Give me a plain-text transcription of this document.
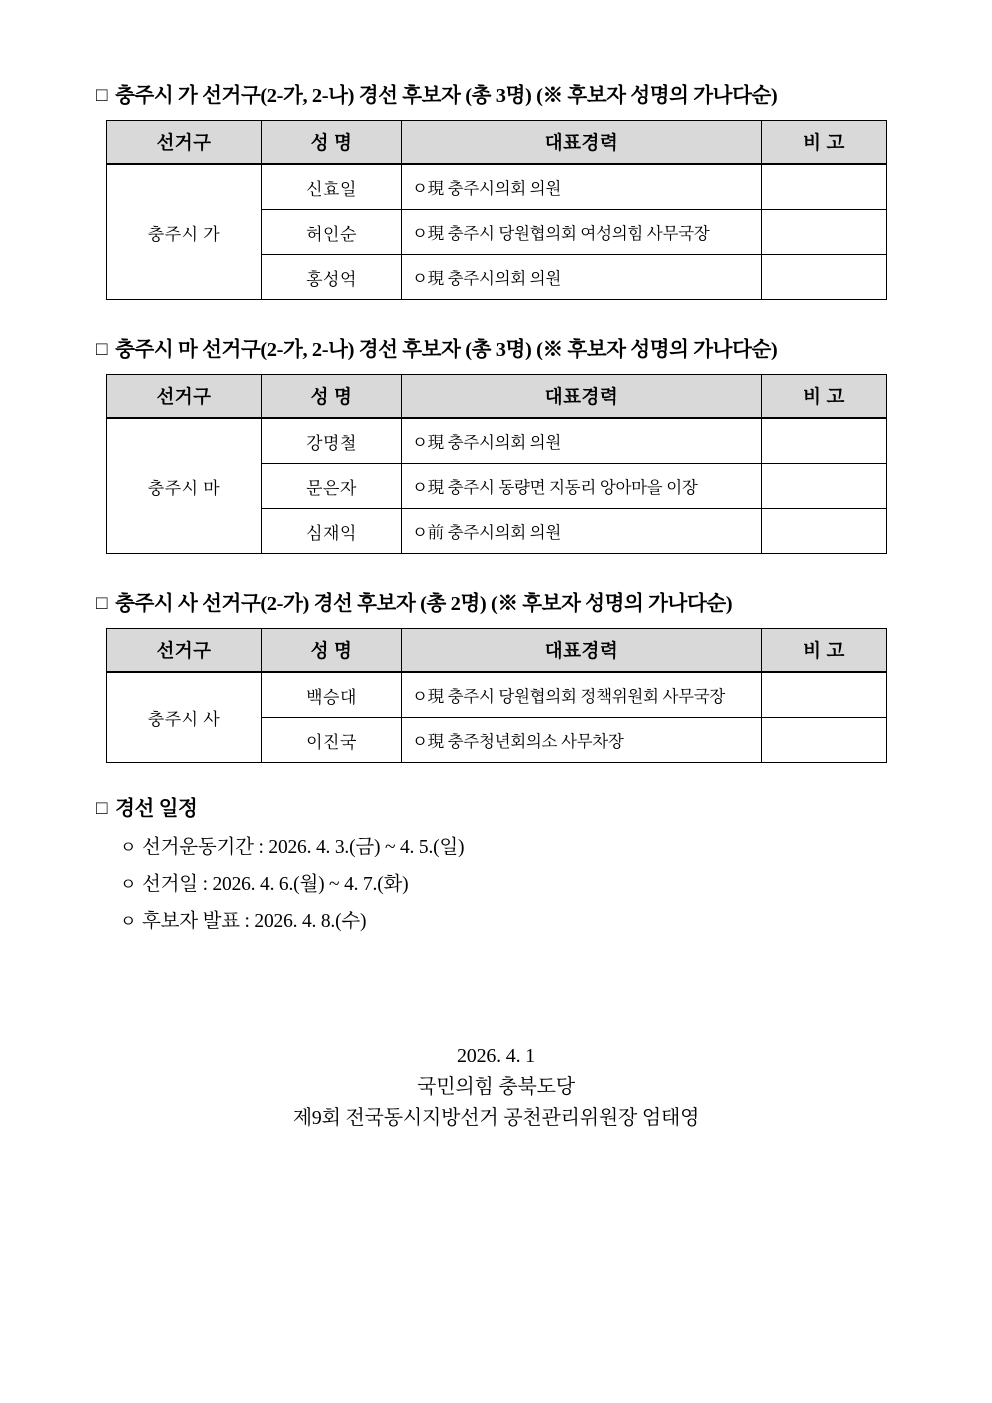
□ 충주시 가 선거구(2-가, 2-나) 경선 후보자 (총 3명) (※ 후보자 성명의 가나다순)

선거구	성 명	대표경력	비 고
충주시 가	신효일	ㅇ現 충주시의회 의원	
	허인순	ㅇ現 충주시 당원협의회 여성의힘 사무국장	
	홍성억	ㅇ現 충주시의회 의원	

□ 충주시 마 선거구(2-가, 2-나) 경선 후보자 (총 3명) (※ 후보자 성명의 가나다순)

선거구	성 명	대표경력	비 고
충주시 마	강명철	ㅇ現 충주시의회 의원	
	문은자	ㅇ現 충주시 동량면 지동리 앙아마을 이장	
	심재익	ㅇ前 충주시의회 의원	

□ 충주시 사 선거구(2-가) 경선 후보자 (총 2명) (※ 후보자 성명의 가나다순)

선거구	성 명	대표경력	비 고
충주시 사	백승대	ㅇ現 충주시 당원협의회 정책위원회 사무국장	
	이진국	ㅇ現 충주청년회의소 사무차장	

□ 경선 일정

ㅇ 선거운동기간 : 2026. 4. 3.(금) ~ 4. 5.(일)

ㅇ 선거일 : 2026. 4. 6.(월) ~ 4. 7.(화)

ㅇ 후보자 발표 : 2026. 4. 8.(수)

2026. 4. 1
국민의힘 충북도당
제9회 전국동시지방선거 공천관리위원장 엄태영
